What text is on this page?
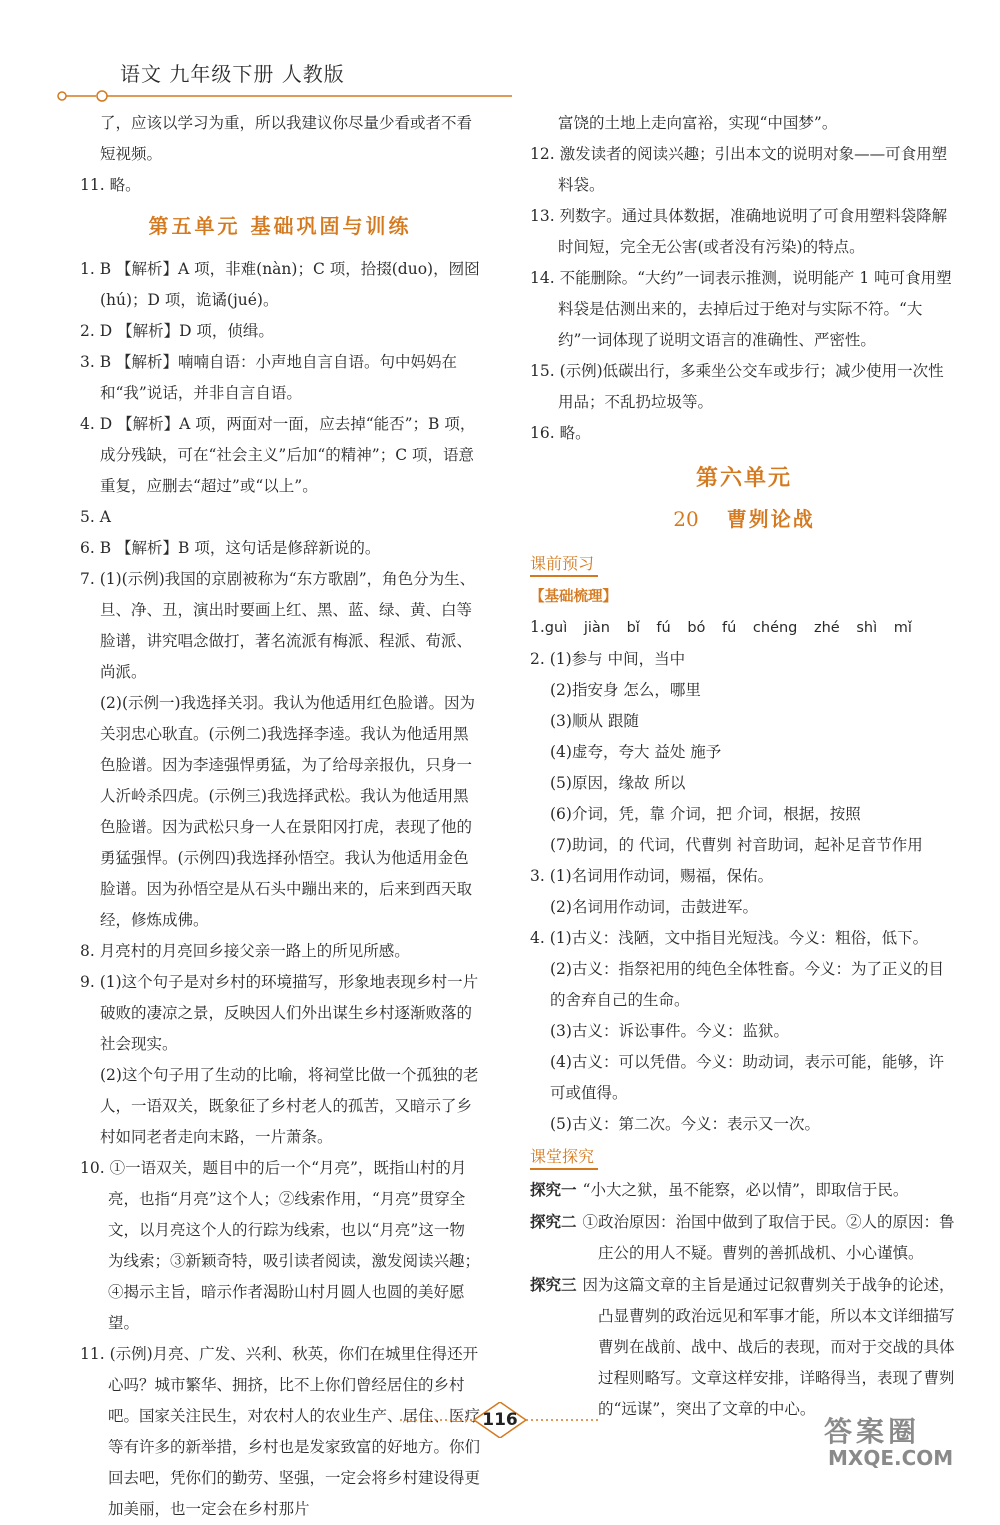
语文 九年级下册 人教版

了，应该以学习为重，所以我建议你尽量少看或者不看短视频。

11. 略。

第五单元 基础巩固与训练

1. B 【解析】A 项，非难(nàn)；C 项，拾掇(duo)，囫囵(hú)；D 项，诡谲(jué)。

2. D 【解析】D 项，侦缉。

3. B 【解析】喃喃自语：小声地自言自语。句中妈妈在和“我”说话，并非自言自语。

4. D 【解析】A 项，两面对一面，应去掉“能否”；B 项，成分残缺，可在“社会主义”后加“的精神”；C 项，语意重复，应删去“超过”或“以上”。

5. A

6. B 【解析】B 项，这句话是修辞新说的。

7. (1)(示例)我国的京剧被称为“东方歌剧”，角色分为生、旦、净、丑，演出时要画上红、黑、蓝、绿、黄、白等脸谱，讲究唱念做打，著名流派有梅派、程派、荀派、尚派。

(2)(示例一)我选择关羽。我认为他适用红色脸谱。因为关羽忠心耿直。(示例二)我选择李逵。我认为他适用黑色脸谱。因为李逵强悍勇猛，为了给母亲报仇，只身一人沂岭杀四虎。(示例三)我选择武松。我认为他适用黑色脸谱。因为武松只身一人在景阳冈打虎，表现了他的勇猛强悍。(示例四)我选择孙悟空。我认为他适用金色脸谱。因为孙悟空是从石头中蹦出来的，后来到西天取经，修炼成佛。

8. 月亮村的月亮回乡接父亲一路上的所见所感。

9. (1)这个句子是对乡村的环境描写，形象地表现乡村一片破败的凄凉之景，反映因人们外出谋生乡村逐渐败落的社会现实。

(2)这个句子用了生动的比喻，将祠堂比做一个孤独的老人，一语双关，既象征了乡村老人的孤苦，又暗示了乡村如同老者走向末路，一片萧条。

10. ①一语双关，题目中的后一个“月亮”，既指山村的月亮，也指“月亮”这个人；②线索作用，“月亮”贯穿全文，以月亮这个人的行踪为线索，也以“月亮”这一物为线索；③新颖奇特，吸引读者阅读，激发阅读兴趣；④揭示主旨，暗示作者渴盼山村月圆人也圆的美好愿望。

11. (示例)月亮、广发、兴利、秋英，你们在城里住得还开心吗？城市繁华、拥挤，比不上你们曾经居住的乡村吧。国家关注民生，对农村人的农业生产、居住、医疗等有许多的新举措，乡村也是发家致富的好地方。你们回去吧，凭你们的勤劳、坚强，一定会将乡村建设得更加美丽，也一定会在乡村那片

富饶的土地上走向富裕，实现“中国梦”。

12. 激发读者的阅读兴趣；引出本文的说明对象——可食用塑料袋。

13. 列数字。通过具体数据，准确地说明了可食用塑料袋降解时间短，完全无公害(或者没有污染)的特点。

14. 不能删除。“大约”一词表示推测，说明能产 1 吨可食用塑料袋是估测出来的，去掉后过于绝对与实际不符。“大约”一词体现了说明文语言的准确性、严密性。

15. (示例)低碳出行，多乘坐公交车或步行；减少使用一次性用品；不乱扔垃圾等。

16. 略。

第六单元
20 曹刿论战
课前预习

【基础梳理】

1.guì jiàn bǐ fú bó fú chéng zhé shì mǐ

2. (1)参与 中间，当中

(2)指安身 怎么，哪里

(3)顺从 跟随

(4)虚夸，夸大 益处 施予

(5)原因，缘故 所以

(6)介词，凭，靠 介词，把 介词，根据，按照

(7)助词，的 代词，代曹刿 衬音助词，起补足音节作用

3. (1)名词用作动词，赐福，保佑。

(2)名词用作动词，击鼓进军。

4. (1)古义：浅陋，文中指目光短浅。今义：粗俗，低下。

(2)古义：指祭祀用的纯色全体牲畜。今义：为了正义的目的舍弃自己的生命。

(3)古义：诉讼事件。今义：监狱。

(4)古义：可以凭借。今义：助动词，表示可能，能够，许可或值得。

(5)古义：第二次。今义：表示又一次。

课堂探究

探究一 “小大之狱，虽不能察，必以情”，即取信于民。

探究二 ①政治原因：治国中做到了取信于民。②人的原因：鲁庄公的用人不疑。曹刿的善抓战机、小心谨慎。

探究三 因为这篇文章的主旨是通过记叙曹刿关于战争的论述，凸显曹刿的政治远见和军事才能，所以本文详细描写曹刿在战前、战中、战后的表现，而对于交战的具体过程则略写。文章这样安排，详略得当，表现了曹刿的“远谋”，突出了文章的中心。

116	答案圈
MXQE.COM
